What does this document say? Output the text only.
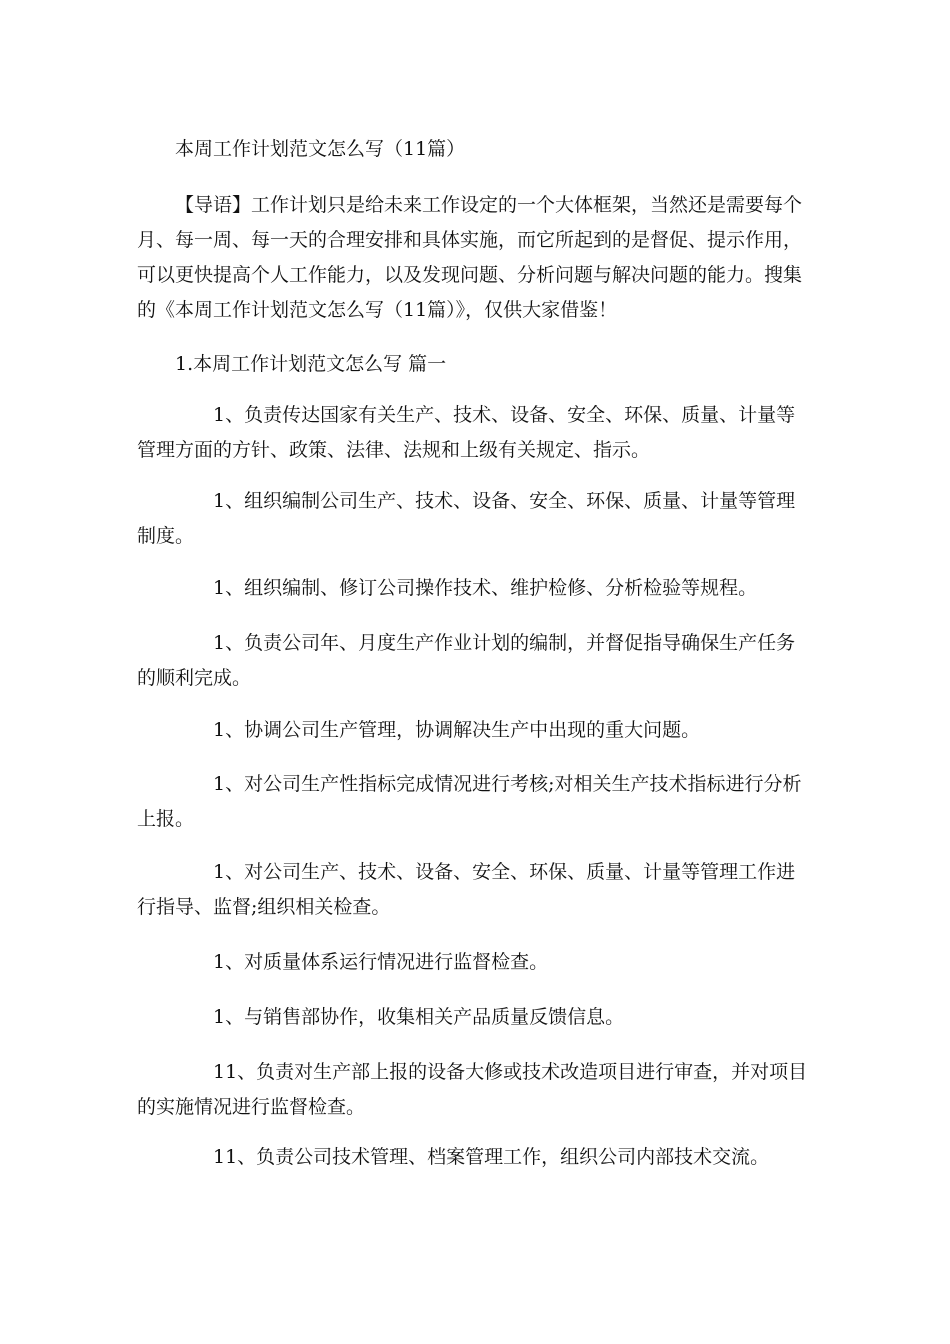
本周工作计划范文怎么写（11篇）
【导语】工作计划只是给未来工作设定的一个大体框架，当然还是需要每个
月、每一周、每一天的合理安排和具体实施，而它所起到的是督促、提示作用，
可以更快提高个人工作能力，以及发现问题、分析问题与解决问题的能力。搜集
的《本周工作计划范文怎么写（11篇）》，仅供大家借鉴！
1.本周工作计划范文怎么写 篇一
1、负责传达国家有关生产、技术、设备、安全、环保、质量、计量等
管理方面的方针、政策、法律、法规和上级有关规定、指示。
1、组织编制公司生产、技术、设备、安全、环保、质量、计量等管理
制度。
1、组织编制、修订公司操作技术、维护检修、分析检验等规程。
1、负责公司年、月度生产作业计划的编制，并督促指导确保生产任务
的顺利完成。
1、协调公司生产管理，协调解决生产中出现的重大问题。
1、对公司生产性指标完成情况进行考核;对相关生产技术指标进行分析
上报。
1、对公司生产、技术、设备、安全、环保、质量、计量等管理工作进
行指导、监督;组织相关检查。
1、对质量体系运行情况进行监督检查。
1、与销售部协作，收集相关产品质量反馈信息。
11、负责对生产部上报的设备大修或技术改造项目进行审查，并对项目
的实施情况进行监督检查。
11、负责公司技术管理、档案管理工作，组织公司内部技术交流。
